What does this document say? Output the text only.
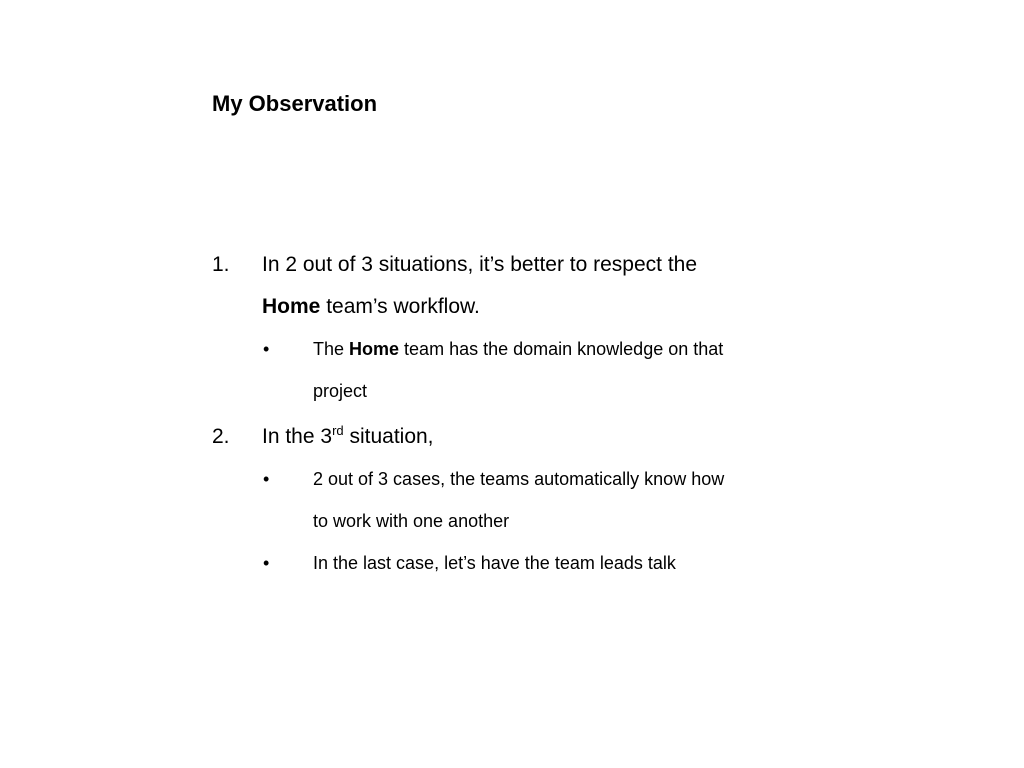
My Observation
1. In 2 out of 3 situations, it’s better to respect the
Home team’s workflow.
• The Home team has the domain knowledge on that
project
2. In the 3rd situation,
• 2 out of 3 cases, the teams automatically know how
to work with one another
• In the last case, let’s have the team leads talk
